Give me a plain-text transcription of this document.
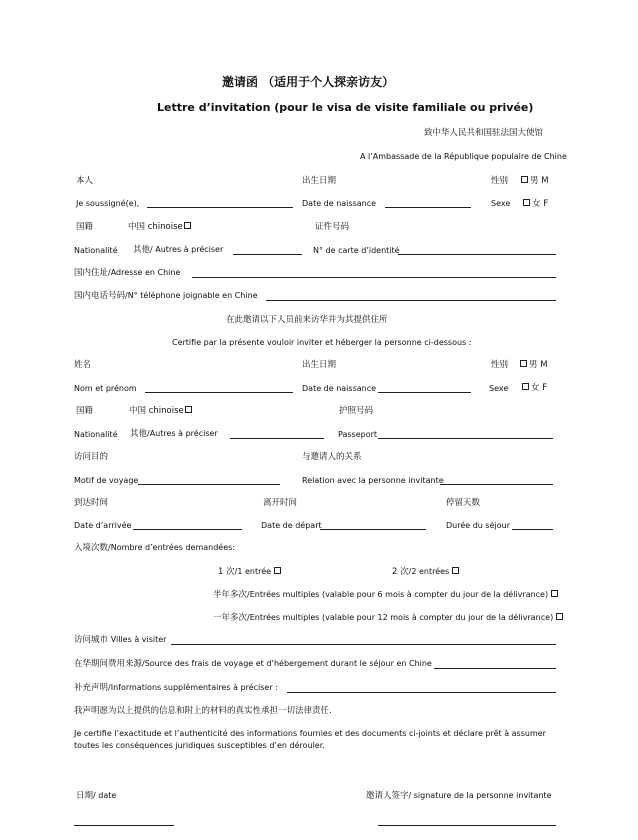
邀请函 （适用于个人探亲访友）
Lettre d’invitation (pour le visa de visite familiale ou privée)
致中华人民共和国驻法国大使馆
A l’Ambassade de la République populaire de Chine
本人	出生日期	性别	男 M
Je soussigné(e),	Date de naissance	Sexe	女 F
国籍	中国 chinoise	证件号码
Nationalité 其他/ Autres à préciser	N° de carte d’identité
国内住址/Adresse en Chine
国内电话号码/N° téléphone joignable en Chine
在此邀请以下人员前来访华并为其提供住所
Certifie par la présente vouloir inviter et héberger la personne ci-dessous :
姓名	出生日期	性别	男 M
Nom et prénom	Date de naissance	Sexe	女 F
国籍	中国 chinoise	护照号码
Nationalité 其他/Autres à préciser	Passeport
访问目的	与邀请人的关系
Motif de voyage	Relation avec la personne invitante
到达时间	离开时间	停留天数
Date d’arrivée	Date de départ	Durée du séjour
入境次数/Nombre d’entrées demandées:
1 次/1 entrée	2 次/2 entrées
半年多次/Entrées multiples (valable pour 6 mois à compter du jour de la délivrance)
一年多次/Entrées multiples (valable pour 12 mois à compter du jour de la délivrance)
访问城市 Villes à visiter
在华期间费用来源/Source des frais de voyage et d’hébergement durant le séjour en Chine
补充声明/Informations supplémentaires à préciser :
我声明愿为以上提供的信息和附上的材料的真实性承担一切法律责任.
Je certifie l’exactitude et l’authenticité des informations fournies et des documents ci-joints et déclare prêt à assumer
toutes les conséquences juridiques susceptibles d’en dérouler.
日期/ date	邀请人签字/ signature de la personne invitante
